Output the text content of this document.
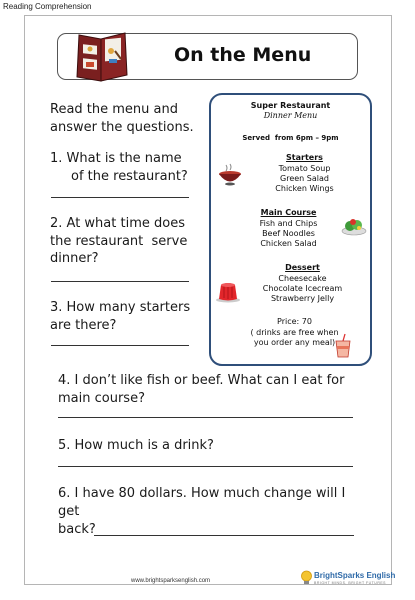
Reading Comprehension
On the Menu
Read the menu and
answer the questions.
1. What is the name
of the restaurant?
2. At what time does
the restaurant  serve
dinner?
3. How many starters
are there?
Super Restaurant
Dinner Menu
Served  from 6pm – 9pm
Starters
Tomato Soup
Green Salad
Chicken Wings
Main Course
Fish and Chips
Beef Noodles
Chicken Salad
Dessert
Cheesecake
Chocolate Icecream
Strawberry Jelly
Price: 70
( drinks are free when
you order any meal)
4. I don’t like fish or beef. What can I eat for
main course?
5. How much is a drink?
6. I have 80 dollars. How much change will I
get
back?
www.brightsparksenglish.com
BrightSparks English
BRIGHT MINDS, BRIGHT FUTURES
